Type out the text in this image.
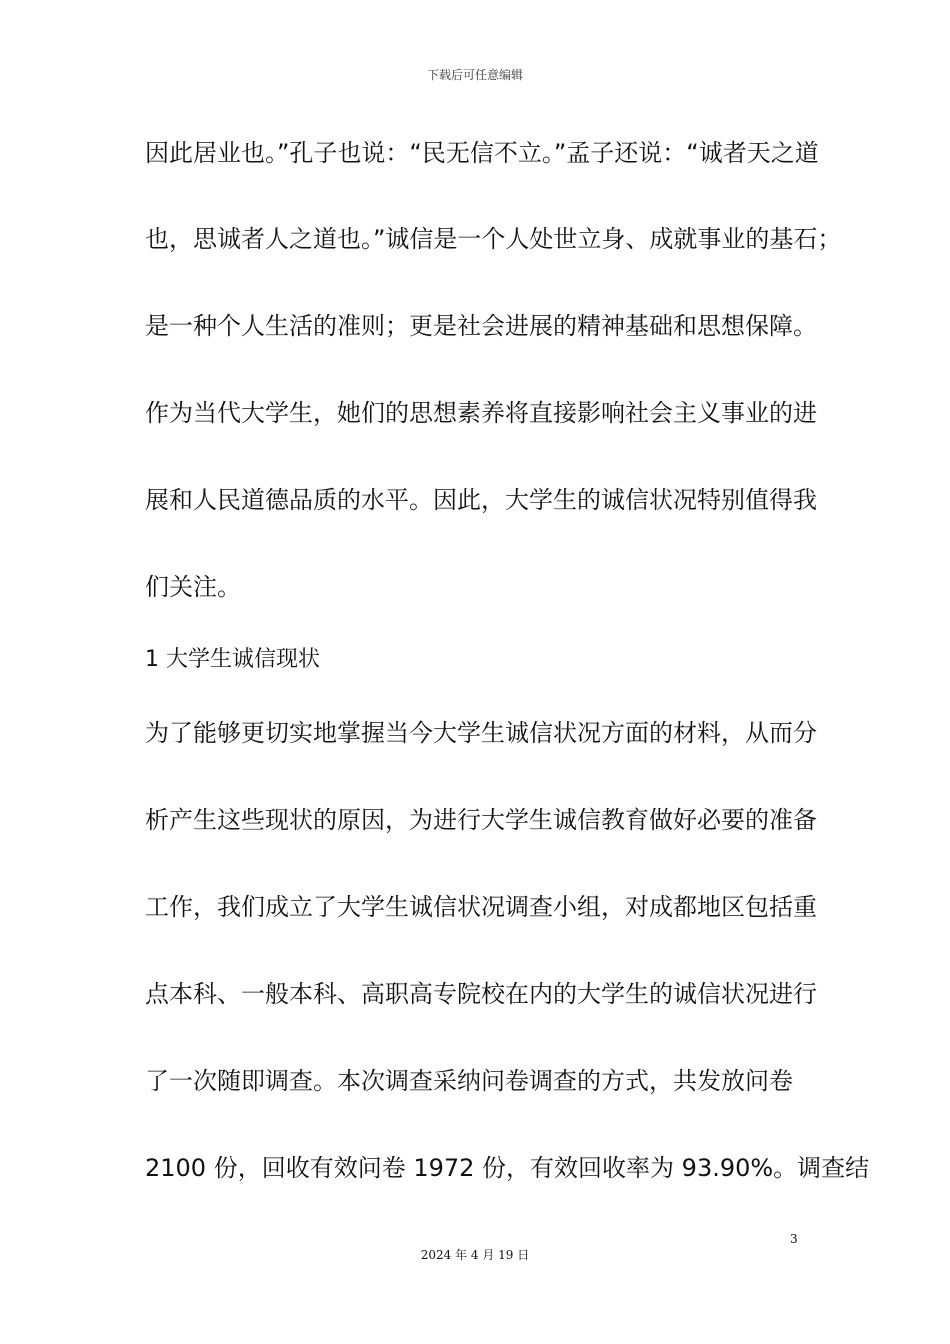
下载后可任意编辑
因此居业也。”孔子也说：“民无信不立。”孟子还说：“诚者天之道
也，思诚者人之道也。”诚信是一个人处世立身、成就事业的基石；
是一种个人生活的准则；更是社会进展的精神基础和思想保障。
作为当代大学生，她们的思想素养将直接影响社会主义事业的进
展和人民道德品质的水平。因此，大学生的诚信状况特别值得我
们关注。
1 大学生诚信现状
为了能够更切实地掌握当今大学生诚信状况方面的材料，从而分
析产生这些现状的原因，为进行大学生诚信教育做好必要的准备
工作，我们成立了大学生诚信状况调查小组，对成都地区包括重
点本科、一般本科、高职高专院校在内的大学生的诚信状况进行
了一次随即调查。本次调查采纳问卷调查的方式，共发放问卷
2100 份，回收有效问卷 1972 份，有效回收率为 93.90%。调查结
3
2024 年 4 月 19 日
